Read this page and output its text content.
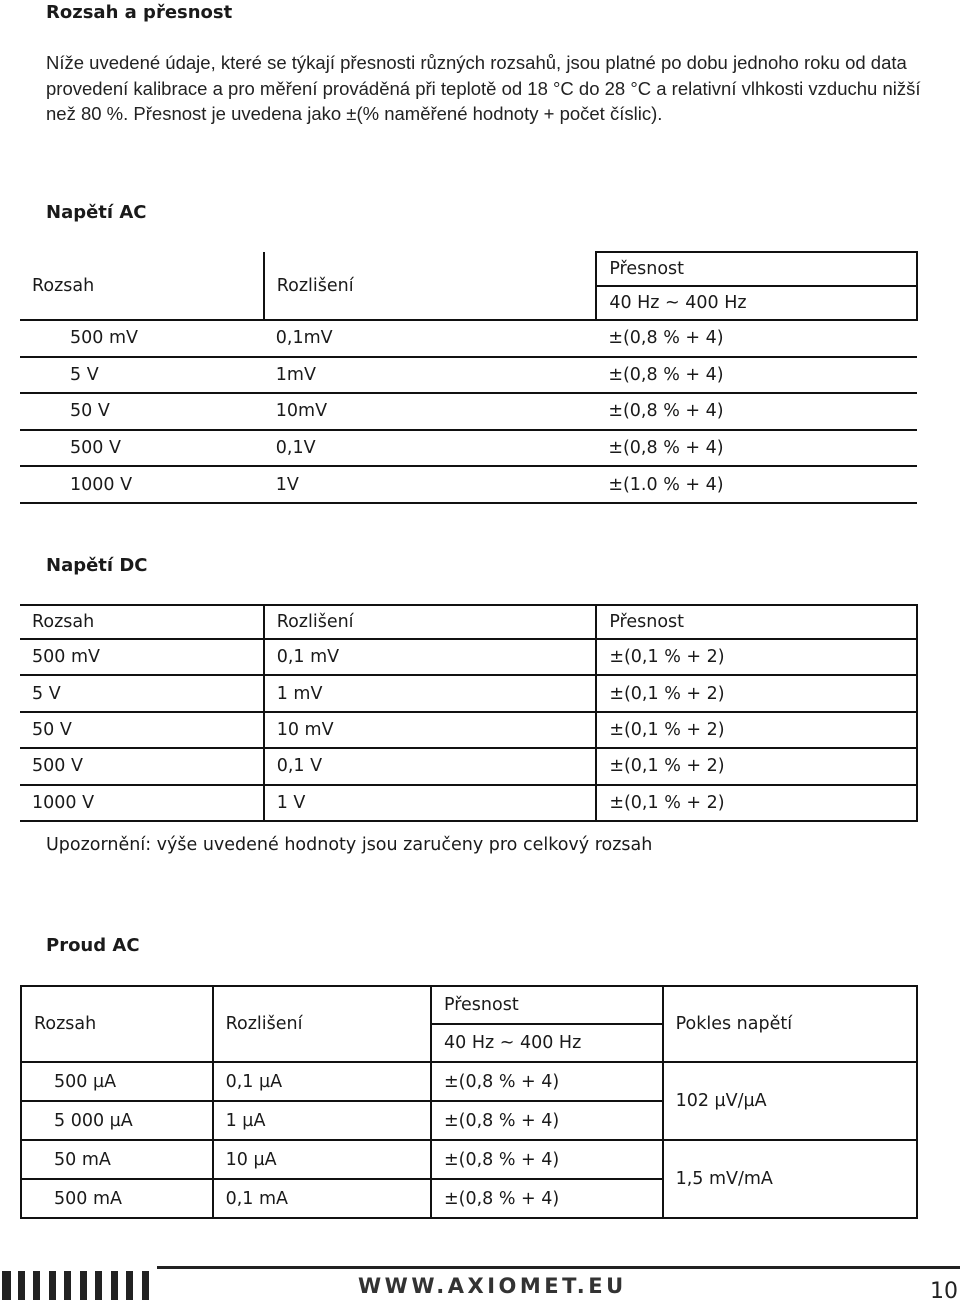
Rozsah a přesnost
Níže uvedené údaje, které se týkají přesnosti různých rozsahů, jsou platné po dobu jednoho roku od data provedení kalibrace a pro měření prováděná při teplotě od 18 °C do 28 °C a relativní vlhkosti vzduchu nižší než 80 %. Přesnost je uvedena jako ±(% naměřené hodnoty + počet číslic).
Napětí AC
Rozsah	Rozlišení	Přesnost
		40 Hz ~ 400 Hz
500 mV	0,1mV	±(0,8 % + 4)
5 V	1mV	±(0,8 % + 4)
50 V	10mV	±(0,8 % + 4)
500 V	0,1V	±(0,8 % + 4)
1000 V	1V	±(1.0 % + 4)
Napětí DC
Rozsah	Rozlišení	Přesnost
500 mV	0,1 mV	±(0,1 % + 2)
5 V	1 mV	±(0,1 % + 2)
50 V	10 mV	±(0,1 % + 2)
500 V	0,1 V	±(0,1 % + 2)
1000 V	1 V	±(0,1 % + 2)
Upozornění: výše uvedené hodnoty jsou zaručeny pro celkový rozsah
Proud AC
Rozsah	Rozlišení	Přesnost	Pokles napětí
		40 Hz ~ 400 Hz	
500 µA	0,1 µA	±(0,8 % + 4)	102 µV/µA
5 000 µA	1 µA	±(0,8 % + 4)	
50 mA	10 µA	±(0,8 % + 4)	1,5 mV/mA
500 mA	0,1 mA	±(0,8 % + 4)	
WWW.AXIOMET.EU	10
